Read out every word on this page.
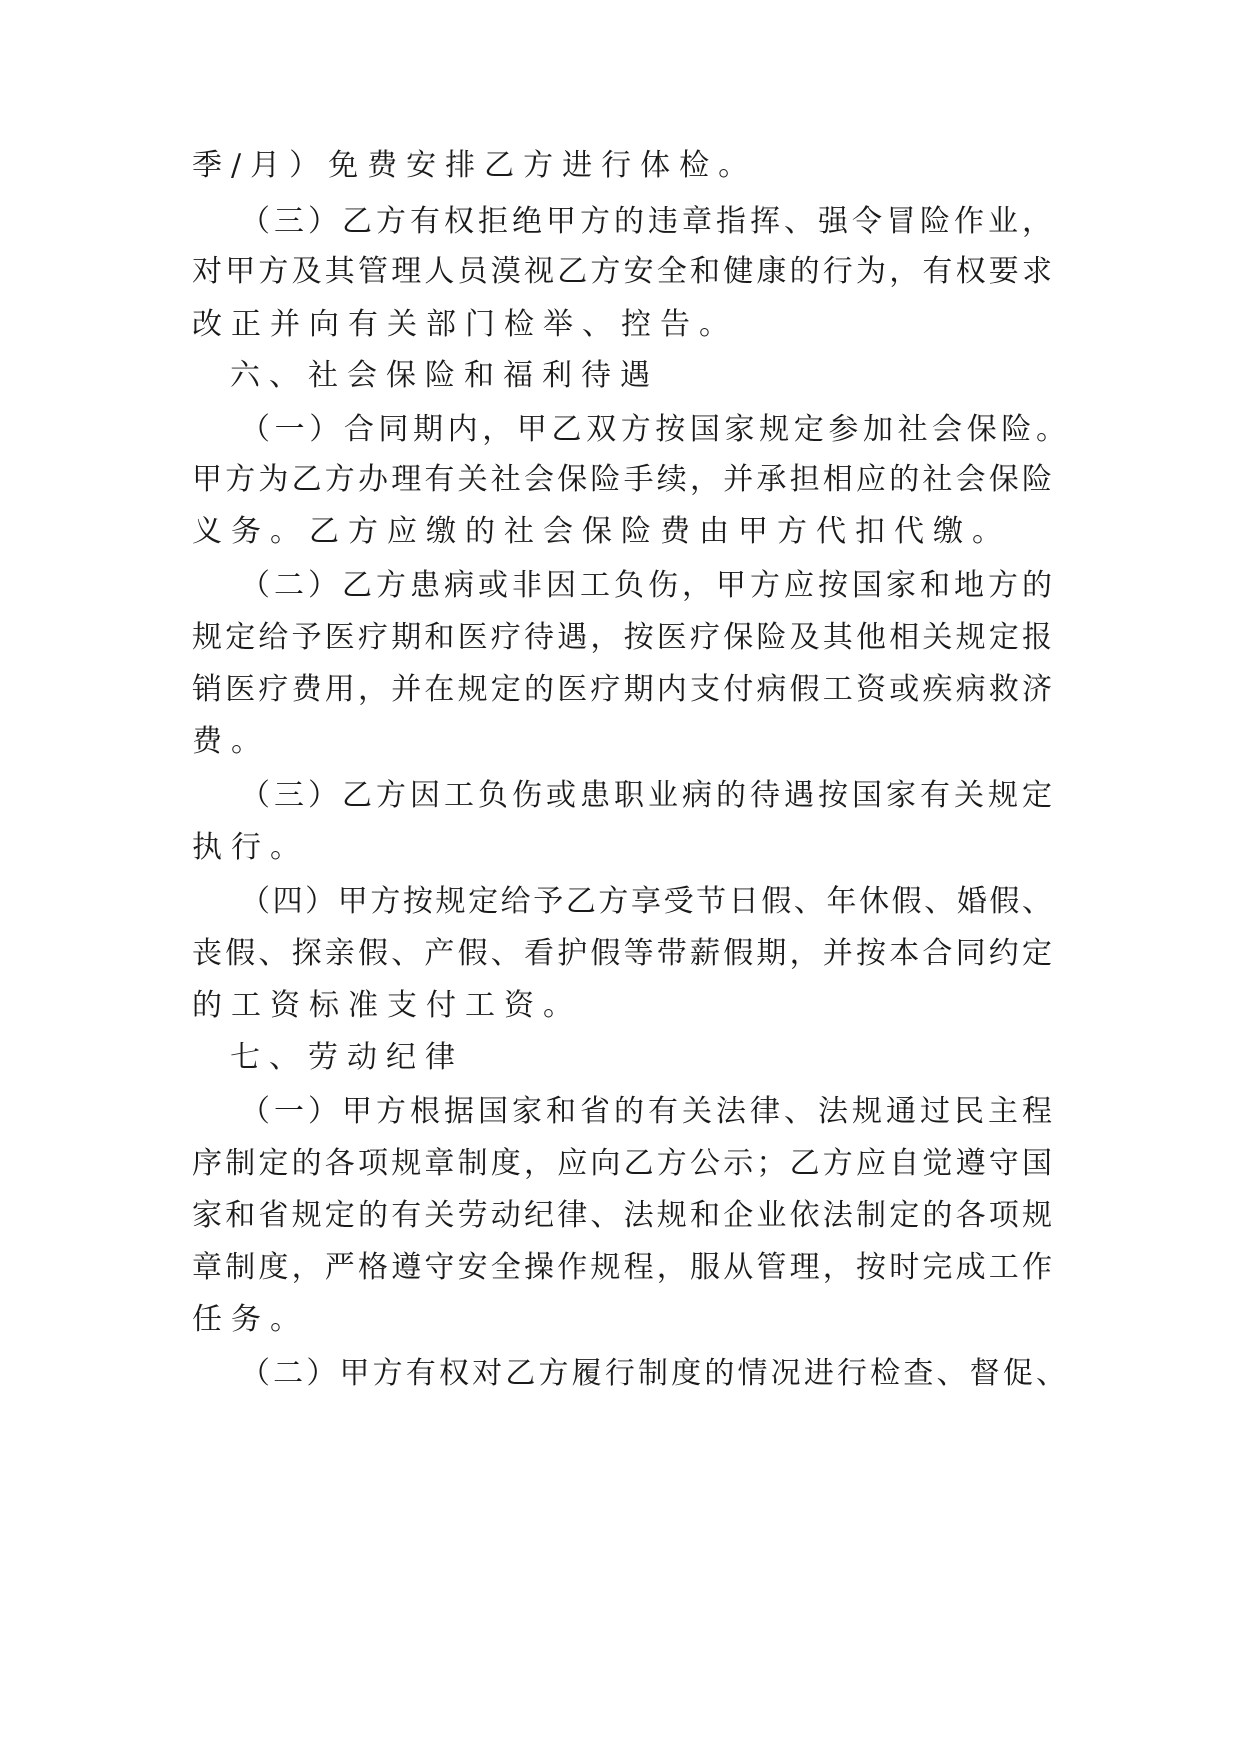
季/月）免费安排乙方进行体检。
（三）乙方有权拒绝甲方的违章指挥、强令冒险作业，
对甲方及其管理人员漠视乙方安全和健康的行为，有权要求
改正并向有关部门检举、控告。
六、社会保险和福利待遇
（一）合同期内，甲乙双方按国家规定参加社会保险。
甲方为乙方办理有关社会保险手续，并承担相应的社会保险
义务。乙方应缴的社会保险费由甲方代扣代缴。
（二）乙方患病或非因工负伤，甲方应按国家和地方的
规定给予医疗期和医疗待遇，按医疗保险及其他相关规定报
销医疗费用，并在规定的医疗期内支付病假工资或疾病救济
费。
（三）乙方因工负伤或患职业病的待遇按国家有关规定
执行。
（四）甲方按规定给予乙方享受节日假、年休假、婚假、
丧假、探亲假、产假、看护假等带薪假期，并按本合同约定
的工资标准支付工资。
七、劳动纪律
（一）甲方根据国家和省的有关法律、法规通过民主程
序制定的各项规章制度，应向乙方公示；乙方应自觉遵守国
家和省规定的有关劳动纪律、法规和企业依法制定的各项规
章制度，严格遵守安全操作规程，服从管理，按时完成工作
任务。
（二）甲方有权对乙方履行制度的情况进行检查、督促、
